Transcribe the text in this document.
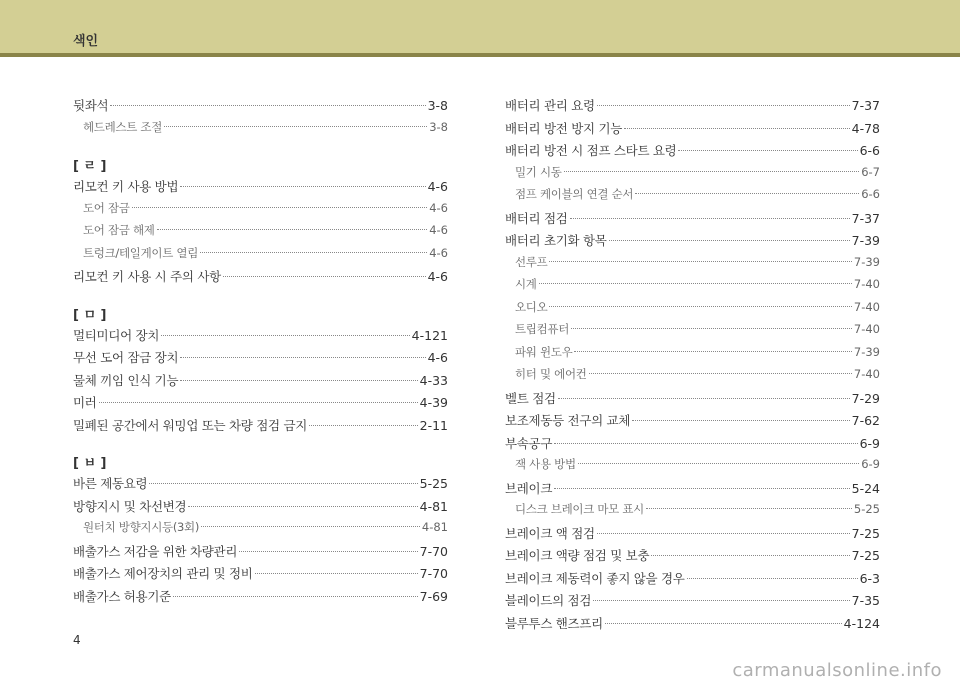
색인
뒷좌석	3-8
헤드레스트 조절	3-8
[ ㄹ ]
리모컨 키 사용 방법	4-6
도어 잠금	4-6
도어 잠금 해제	4-6
트렁크/테일게이트 열림	4-6
리모컨 키 사용 시 주의 사항	4-6
[ ㅁ ]
멀티미디어 장치	4-121
무선 도어 잠금 장치	4-6
물체 끼임 인식 기능	4-33
미러	4-39
밀폐된 공간에서 워밍업 또는 차량 점검 금지	2-11
[ ㅂ ]
바른 제동요령	5-25
방향지시 및 차선변경	4-81
원터치 방향지시등(3회)	4-81
배출가스 저감을 위한 차량관리	7-70
배출가스 제어장치의 관리 및 정비	7-70
배출가스 허용기준	7-69
배터리 관리 요령	7-37
배터리 방전 방지 기능	4-78
배터리 방전 시 점프 스타트 요령	6-6
밀기 시동	6-7
점프 케이블의 연결 순서	6-6
배터리 점검	7-37
배터리 초기화 항목	7-39
선루프	7-39
시계	7-40
오디오	7-40
트립컴퓨터	7-40
파워 윈도우	7-39
히터 및 에어컨	7-40
벨트 점검	7-29
보조제동등 전구의 교체	7-62
부속공구	6-9
잭 사용 방법	6-9
브레이크	5-24
디스크 브레이크 마모 표시	5-25
브레이크 액 점검	7-25
브레이크 액량 점검 및 보충	7-25
브레이크 제동력이 좋지 않을 경우	6-3
블레이드의 점검	7-35
블루투스 핸즈프리	4-124
4
carmanualsonline.info
